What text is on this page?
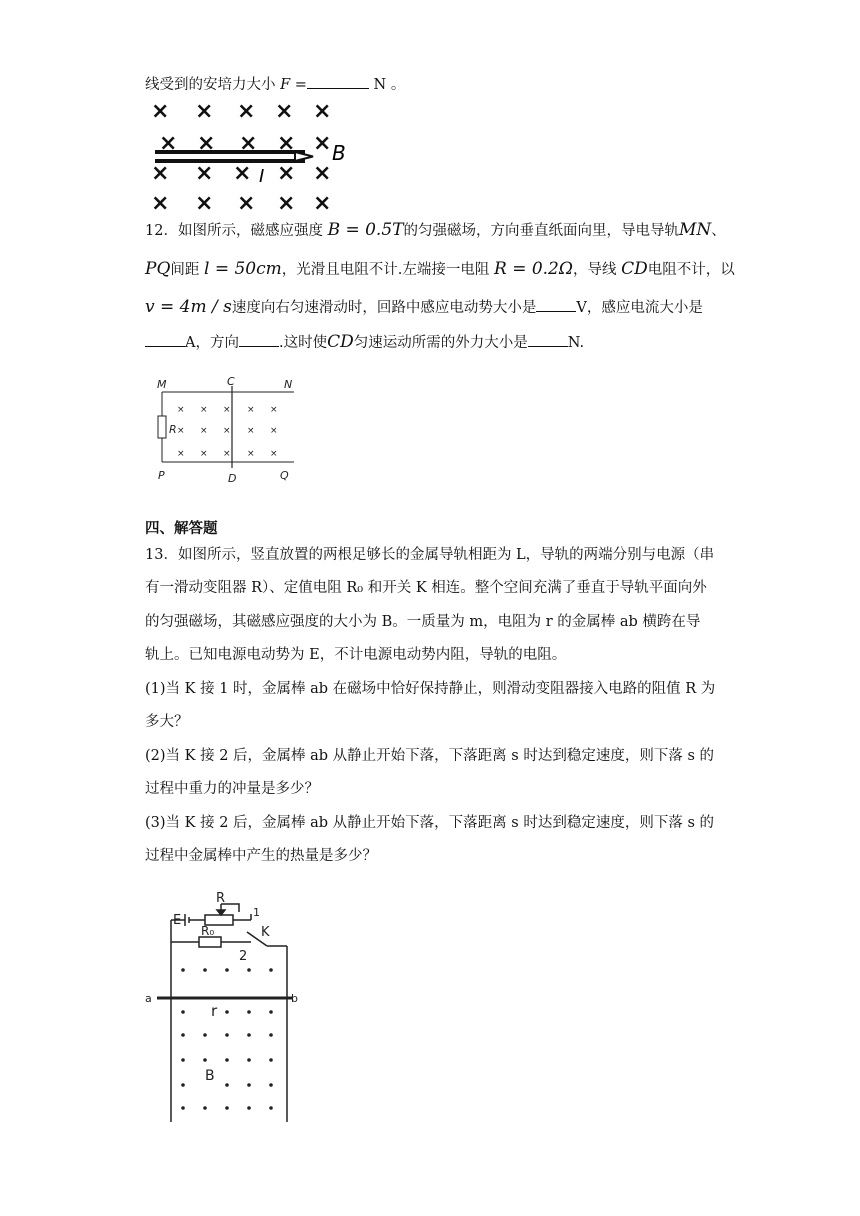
线受到的安培力大小 F =	N 。
× × × × ×
× × × × ×
× × × × ×
× × × × ×
B
I
12．如图所示，磁感应强度 B = 0.5T的匀强磁场，方向垂直纸面向里，导电导轨MN、
PQ间距 l = 50cm，光滑且电阻不计.左端接一电阻 R = 0.2Ω，导线 CD电阻不计，以
v = 4m / s速度向右匀速滑动时，回路中感应电动势大小是	V，感应电流大小是
A，方向	.这时使CD匀速运动所需的外力大小是	N.
× × × × ×
× × × × ×
× × × × ×
M	C	N
R
P	D	Q
四、解答题
13．如图所示，竖直放置的两根足够长的金属导轨相距为 L，导轨的两端分别与电源（串
有一滑动变阻器 R）、定值电阻 R₀ 和开关 K 相连。整个空间充满了垂直于导轨平面向外
的匀强磁场，其磁感应强度的大小为 B。一质量为 m，电阻为 r 的金属棒 ab 横跨在导
轨上。已知电源电动势为 E，不计电源电动势内阻，导轨的电阻。
(1)当 K 接 1 时，金属棒 ab 在磁场中恰好保持静止，则滑动变阻器接入电路的阻值 R 为
多大？
(2)当 K 接 2 后，金属棒 ab 从静止开始下落，下落距离 s 时达到稳定速度，则下落 s 的
过程中重力的冲量是多少？
(3)当 K 接 2 后，金属棒 ab 从静止开始下落，下落距离 s 时达到稳定速度，则下落 s 的
过程中金属棒中产生的热量是多少？
E
R
1
R₀	K
2
a	b
r
B
